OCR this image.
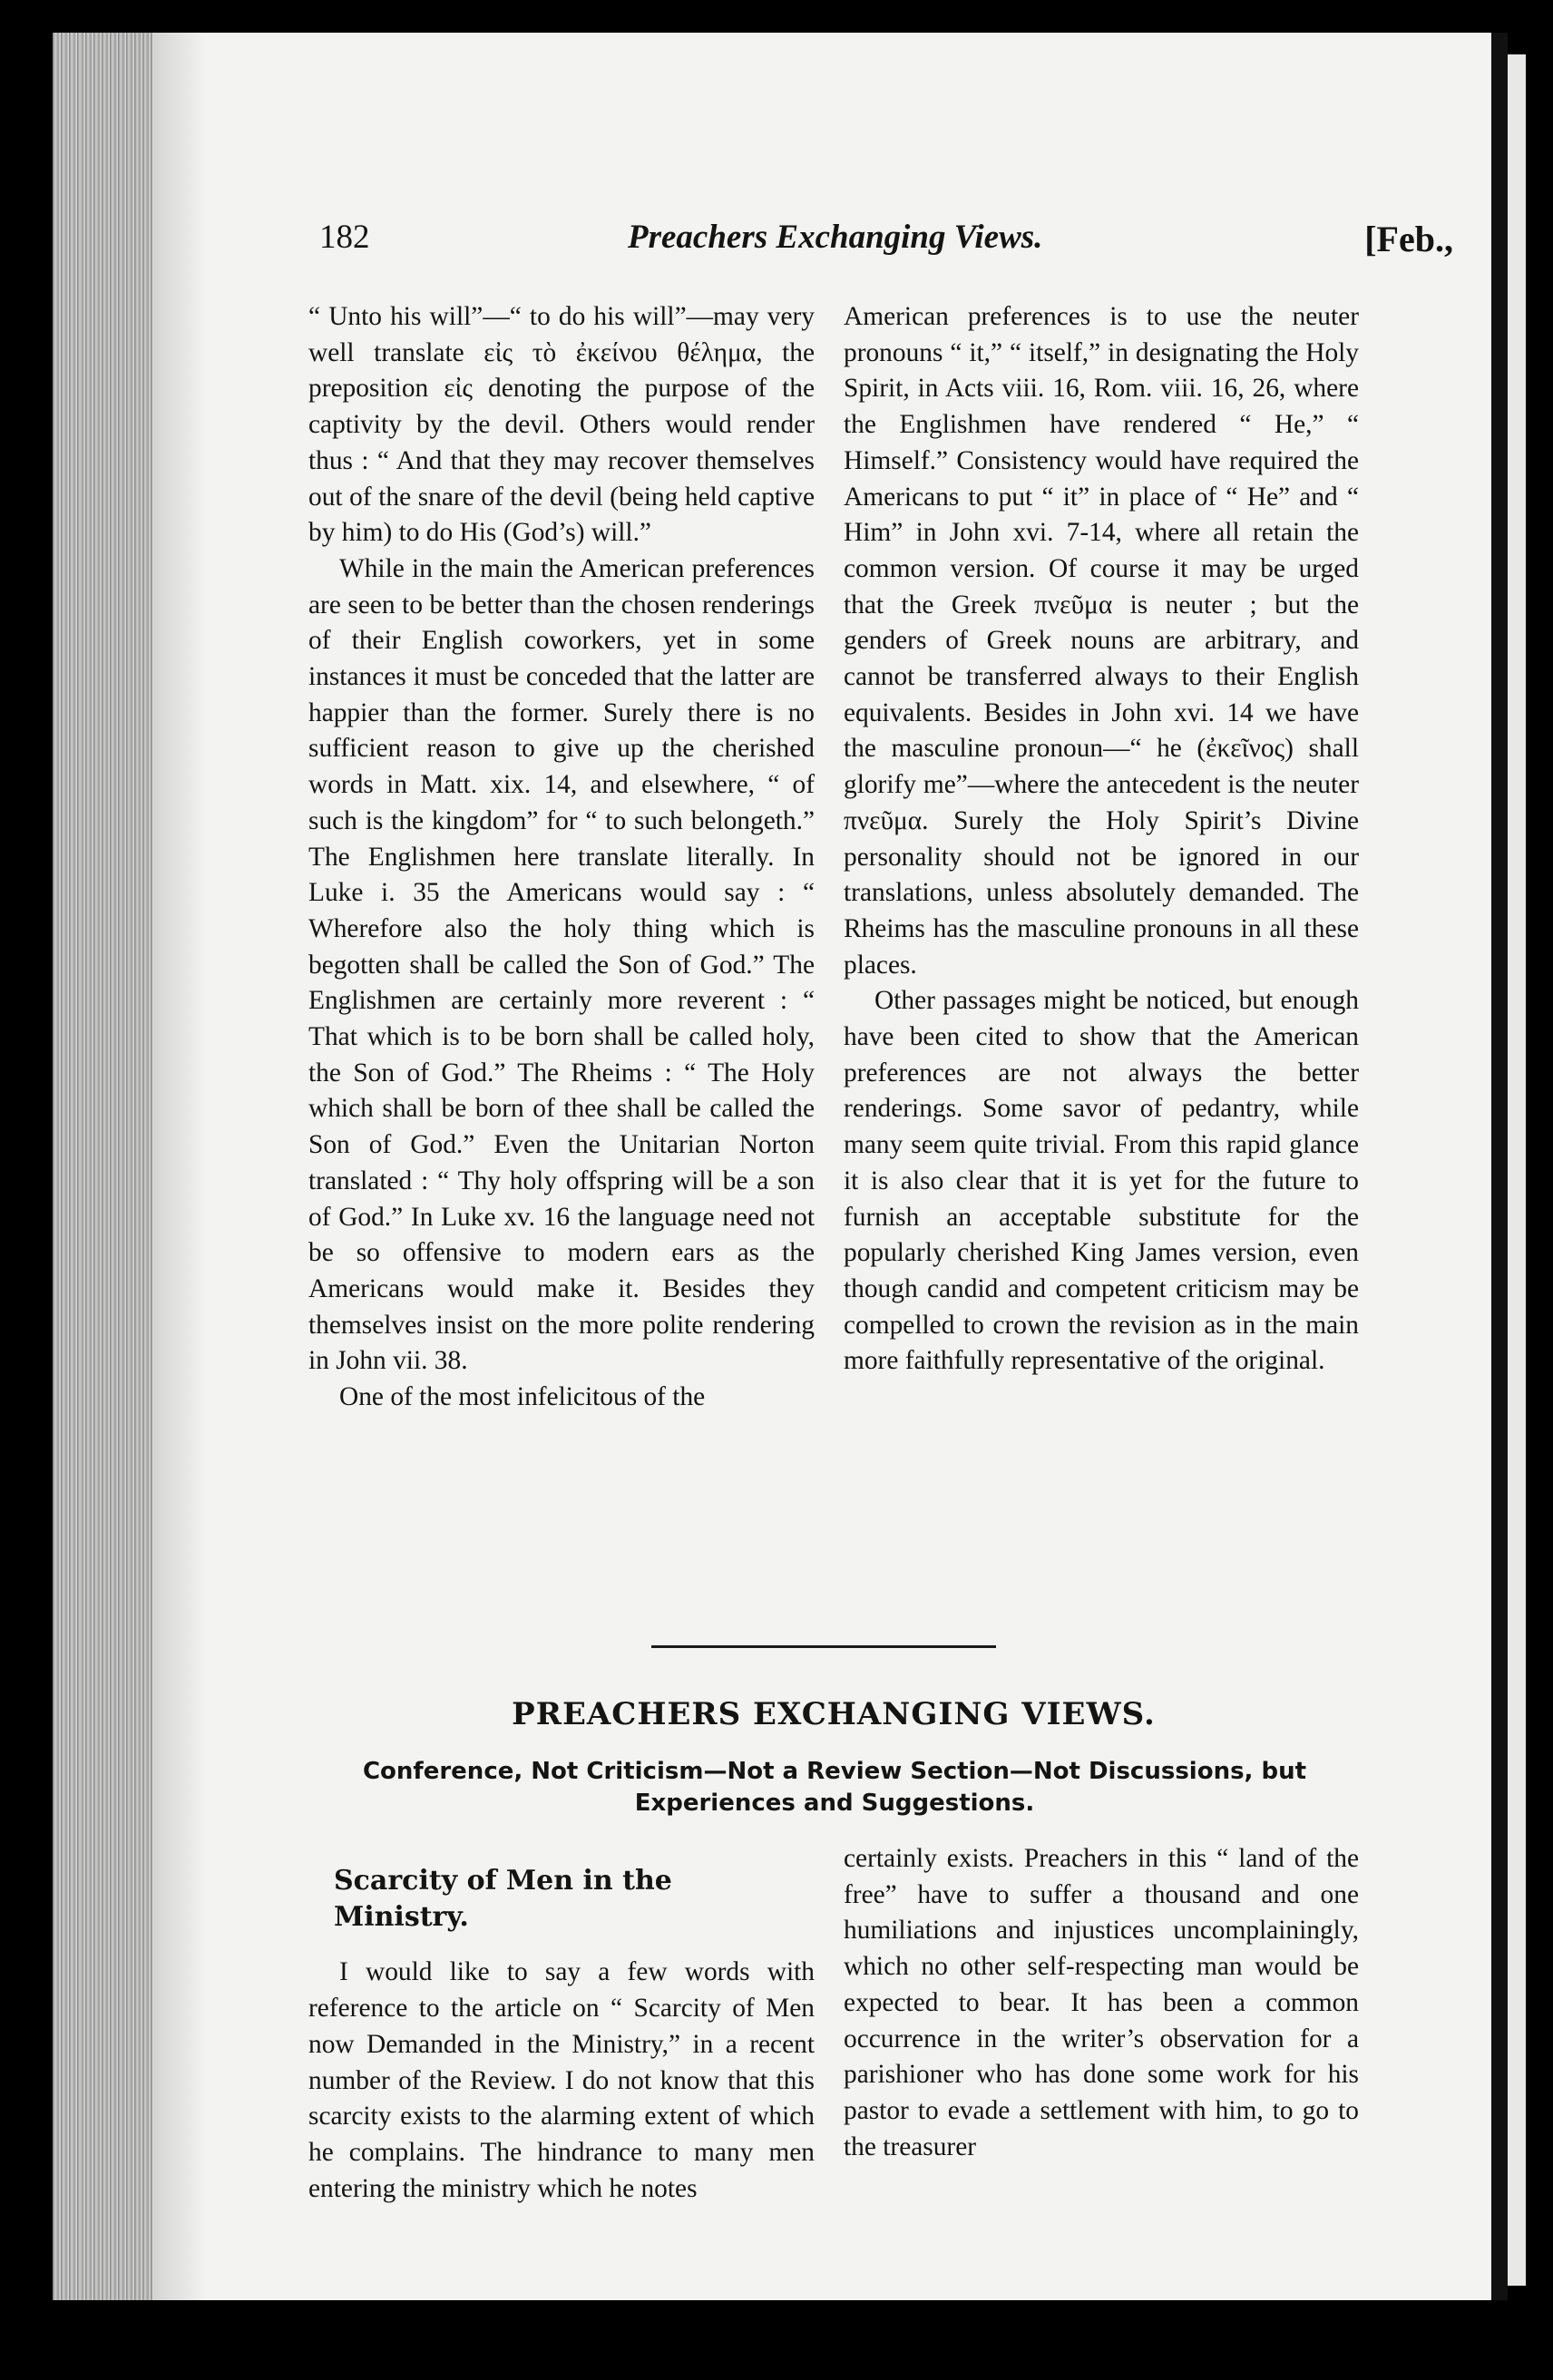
182	Preachers Exchanging Views.	[Feb.,

“ Unto his will”—“ to do his will”—may very well translate εἰς τὸ ἐκείνου θέλημα, the preposition εἰς denoting the purpose of the captivity by the devil. Others would render thus : “ And that they may recover themselves out of the snare of the devil (being held captive by him) to do His (God’s) will.”

While in the main the American preferences are seen to be better than the chosen renderings of their English coworkers, yet in some instances it must be conceded that the latter are happier than the former. Surely there is no sufficient reason to give up the cherished words in Matt. xix. 14, and elsewhere, “ of such is the kingdom” for “ to such belongeth.” The Englishmen here translate literally. In Luke i. 35 the Americans would say : “ Wherefore also the holy thing which is begotten shall be called the Son of God.” The Englishmen are certainly more reverent : “ That which is to be born shall be called holy, the Son of God.” The Rheims : “ The Holy which shall be born of thee shall be called the Son of God.” Even the Unitarian Norton translated : “ Thy holy offspring will be a son of God.” In Luke xv. 16 the language need not be so offensive to modern ears as the Americans would make it. Besides they themselves insist on the more polite rendering in John vii. 38.

One of the most infelicitous of the

American preferences is to use the neuter pronouns “ it,” “ itself,” in designating the Holy Spirit, in Acts viii. 16, Rom. viii. 16, 26, where the Englishmen have rendered “ He,” “ Himself.” Consistency would have required the Americans to put “ it” in place of “ He” and “ Him” in John xvi. 7-14, where all retain the common version. Of course it may be urged that the Greek πνεῦμα is neuter ; but the genders of Greek nouns are arbitrary, and cannot be transferred always to their English equivalents. Besides in John xvi. 14 we have the masculine pronoun—“ he (ἐκεῖνος) shall glorify me”—where the antecedent is the neuter πνεῦμα. Surely the Holy Spirit’s Divine personality should not be ignored in our translations, unless absolutely demanded. The Rheims has the masculine pronouns in all these places.

Other passages might be noticed, but enough have been cited to show that the American preferences are not always the better renderings. Some savor of pedantry, while many seem quite trivial. From this rapid glance it is also clear that it is yet for the future to furnish an acceptable substitute for the popularly cherished King James version, even though candid and competent criticism may be compelled to crown the revision as in the main more faithfully representative of the original.

PREACHERS EXCHANGING VIEWS.
Conference, Not Criticism—Not a Review Section—Not Discussions, but Experiences and Suggestions.

Scarcity of Men in the Ministry.

I would like to say a few words with reference to the article on “ Scarcity of Men now Demanded in the Ministry,” in a recent number of the Review. I do not know that this scarcity exists to the alarming extent of which he complains. The hindrance to many men entering the ministry which he notes

certainly exists. Preachers in this “ land of the free” have to suffer a thousand and one humiliations and injustices uncomplainingly, which no other self-respecting man would be expected to bear. It has been a common occurrence in the writer’s observation for a parishioner who has done some work for his pastor to evade a settlement with him, to go to the treasurer
